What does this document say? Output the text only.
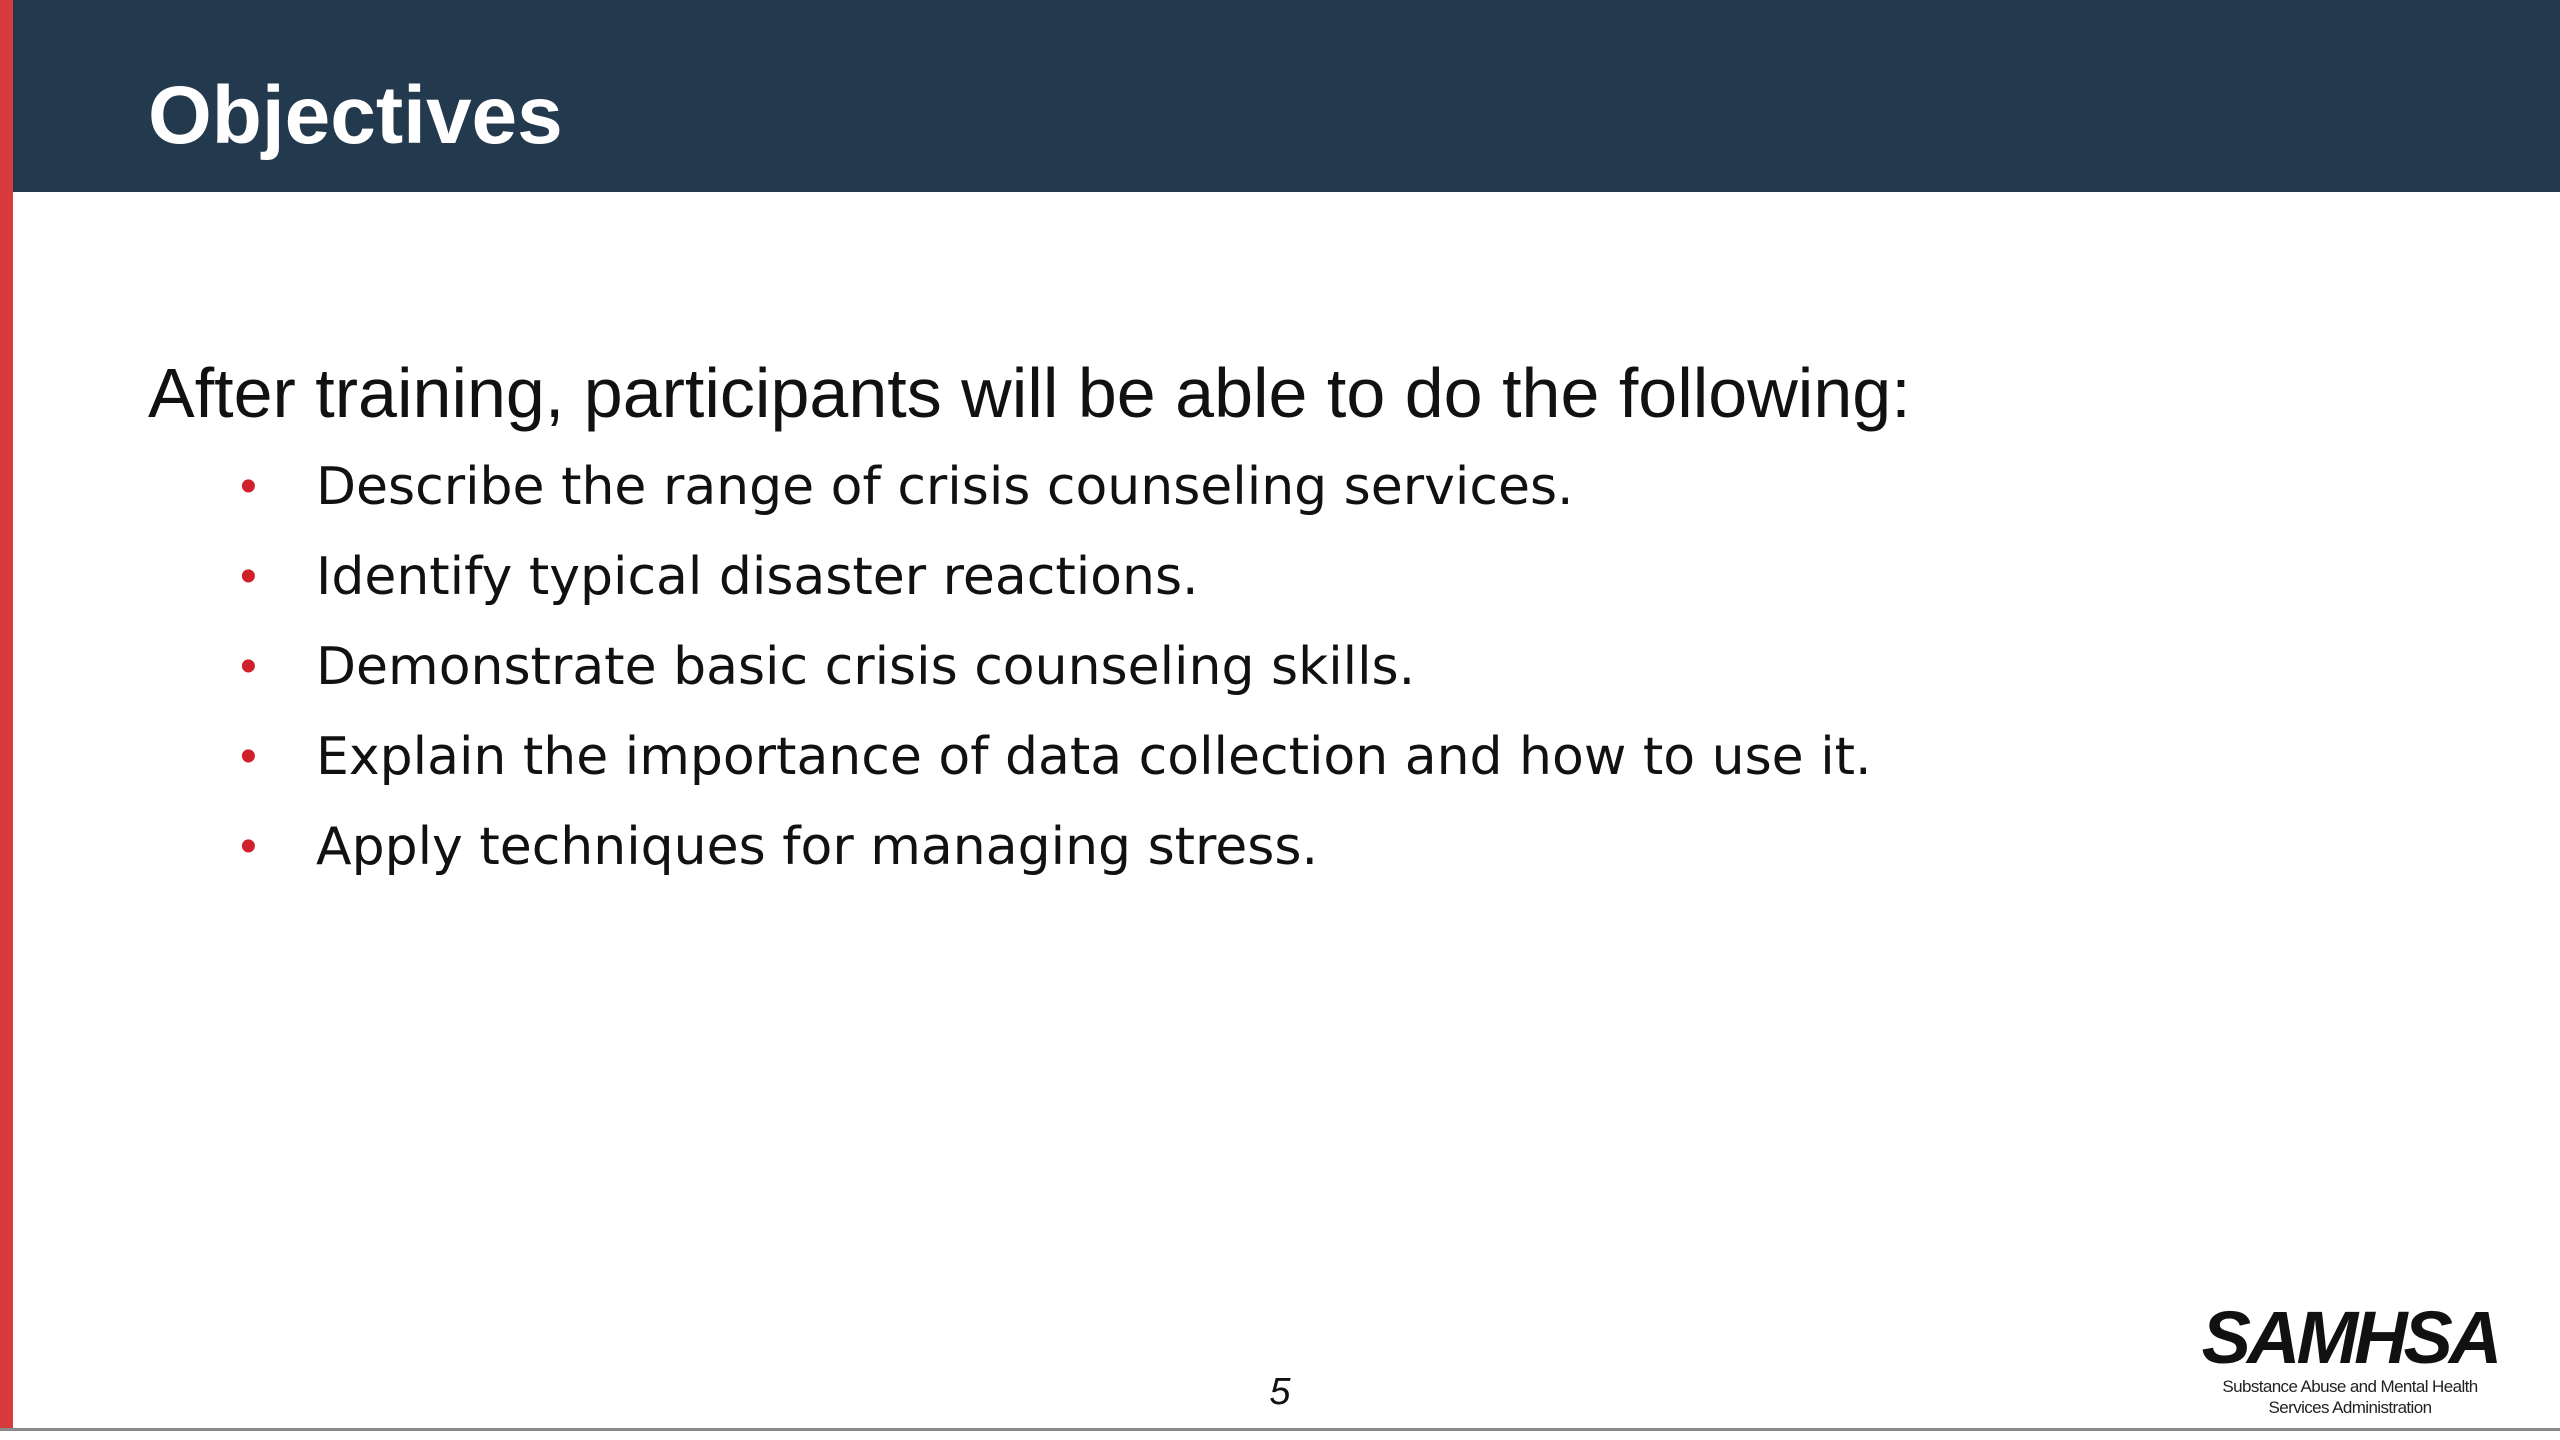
Objectives

After training, participants will be able to do the following:

• Describe the range of crisis counseling services.
• Identify typical disaster reactions.
• Demonstrate basic crisis counseling skills.
• Explain the importance of data collection and how to use it.
• Apply techniques for managing stress.
5
SAMHSA
Substance Abuse and Mental Health
Services Administration
